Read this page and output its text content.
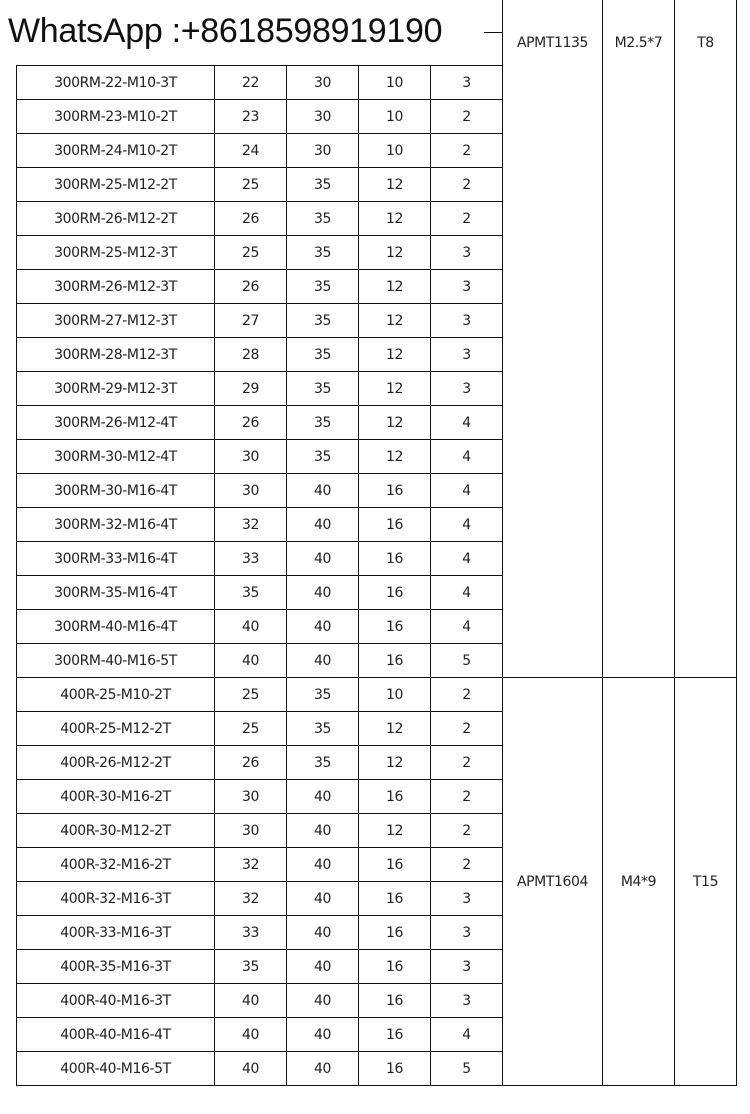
WhatsApp :+8618598919190
						APMT1135	M2.5*7	T8
300RM-22-M10-3T	22	30	10	3			
300RM-23-M10-2T	23	30	10	2			
300RM-24-M10-2T	24	30	10	2			
300RM-25-M12-2T	25	35	12	2			
300RM-26-M12-2T	26	35	12	2			
300RM-25-M12-3T	25	35	12	3			
300RM-26-M12-3T	26	35	12	3			
300RM-27-M12-3T	27	35	12	3			
300RM-28-M12-3T	28	35	12	3			
300RM-29-M12-3T	29	35	12	3			
300RM-26-M12-4T	26	35	12	4			
300RM-30-M12-4T	30	35	12	4			
300RM-30-M16-4T	30	40	16	4			
300RM-32-M16-4T	32	40	16	4			
300RM-33-M16-4T	33	40	16	4			
300RM-35-M16-4T	35	40	16	4			
300RM-40-M16-4T	40	40	16	4			
300RM-40-M16-5T	40	40	16	5			
400R-25-M10-2T	25	35	10	2	APMT1604	M4*9	T15
400R-25-M12-2T	25	35	12	2			
400R-26-M12-2T	26	35	12	2			
400R-30-M16-2T	30	40	16	2			
400R-30-M12-2T	30	40	12	2			
400R-32-M16-2T	32	40	16	2			
400R-32-M16-3T	32	40	16	3			
400R-33-M16-3T	33	40	16	3			
400R-35-M16-3T	35	40	16	3			
400R-40-M16-3T	40	40	16	3			
400R-40-M16-4T	40	40	16	4			
400R-40-M16-5T	40	40	16	5			
